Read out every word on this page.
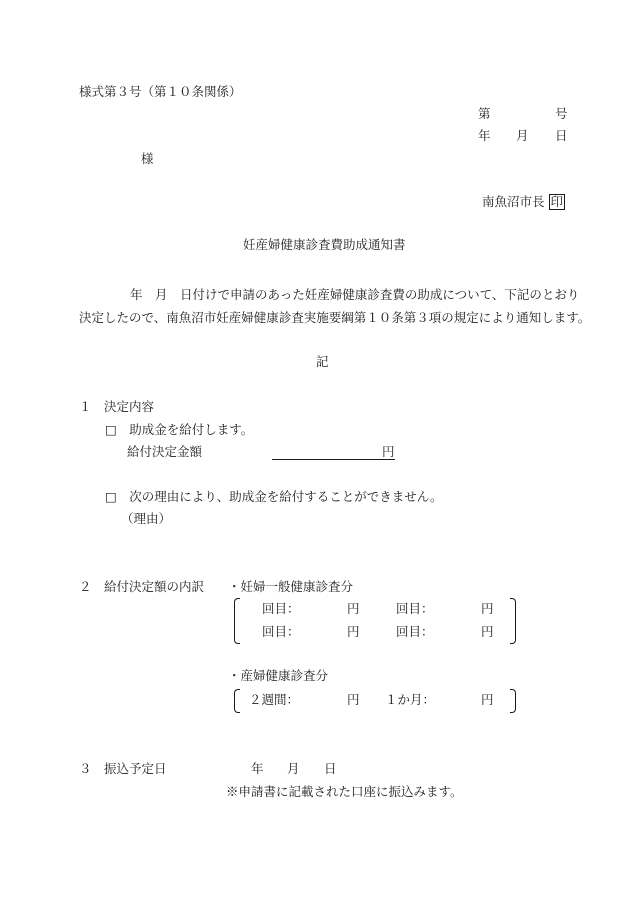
様式第３号（第１０条関係）
第	号
年 月 日
様
南魚沼市長 印
妊産婦健康診査費助成通知書
年　月　日付けで申請のあった妊産婦健康診査費の助成について、下記のとおり
決定したので、南魚沼市妊産婦健康診査実施要綱第１０条第３項の規定により通知します。
記
１　決定内容
□　助成金を給付します。
給付決定金額	円
□　次の理由により、助成金を給付することができません。
（理由）
２　給付決定額の内訳 ・妊婦一般健康診査分
回目：	円	回目：	円
回目：	円	回目：	円
・産婦健康診査分
２週間：	円 １か月：	円
３　振込予定日	年 月 日
※申請書に記載された口座に振込みます。
